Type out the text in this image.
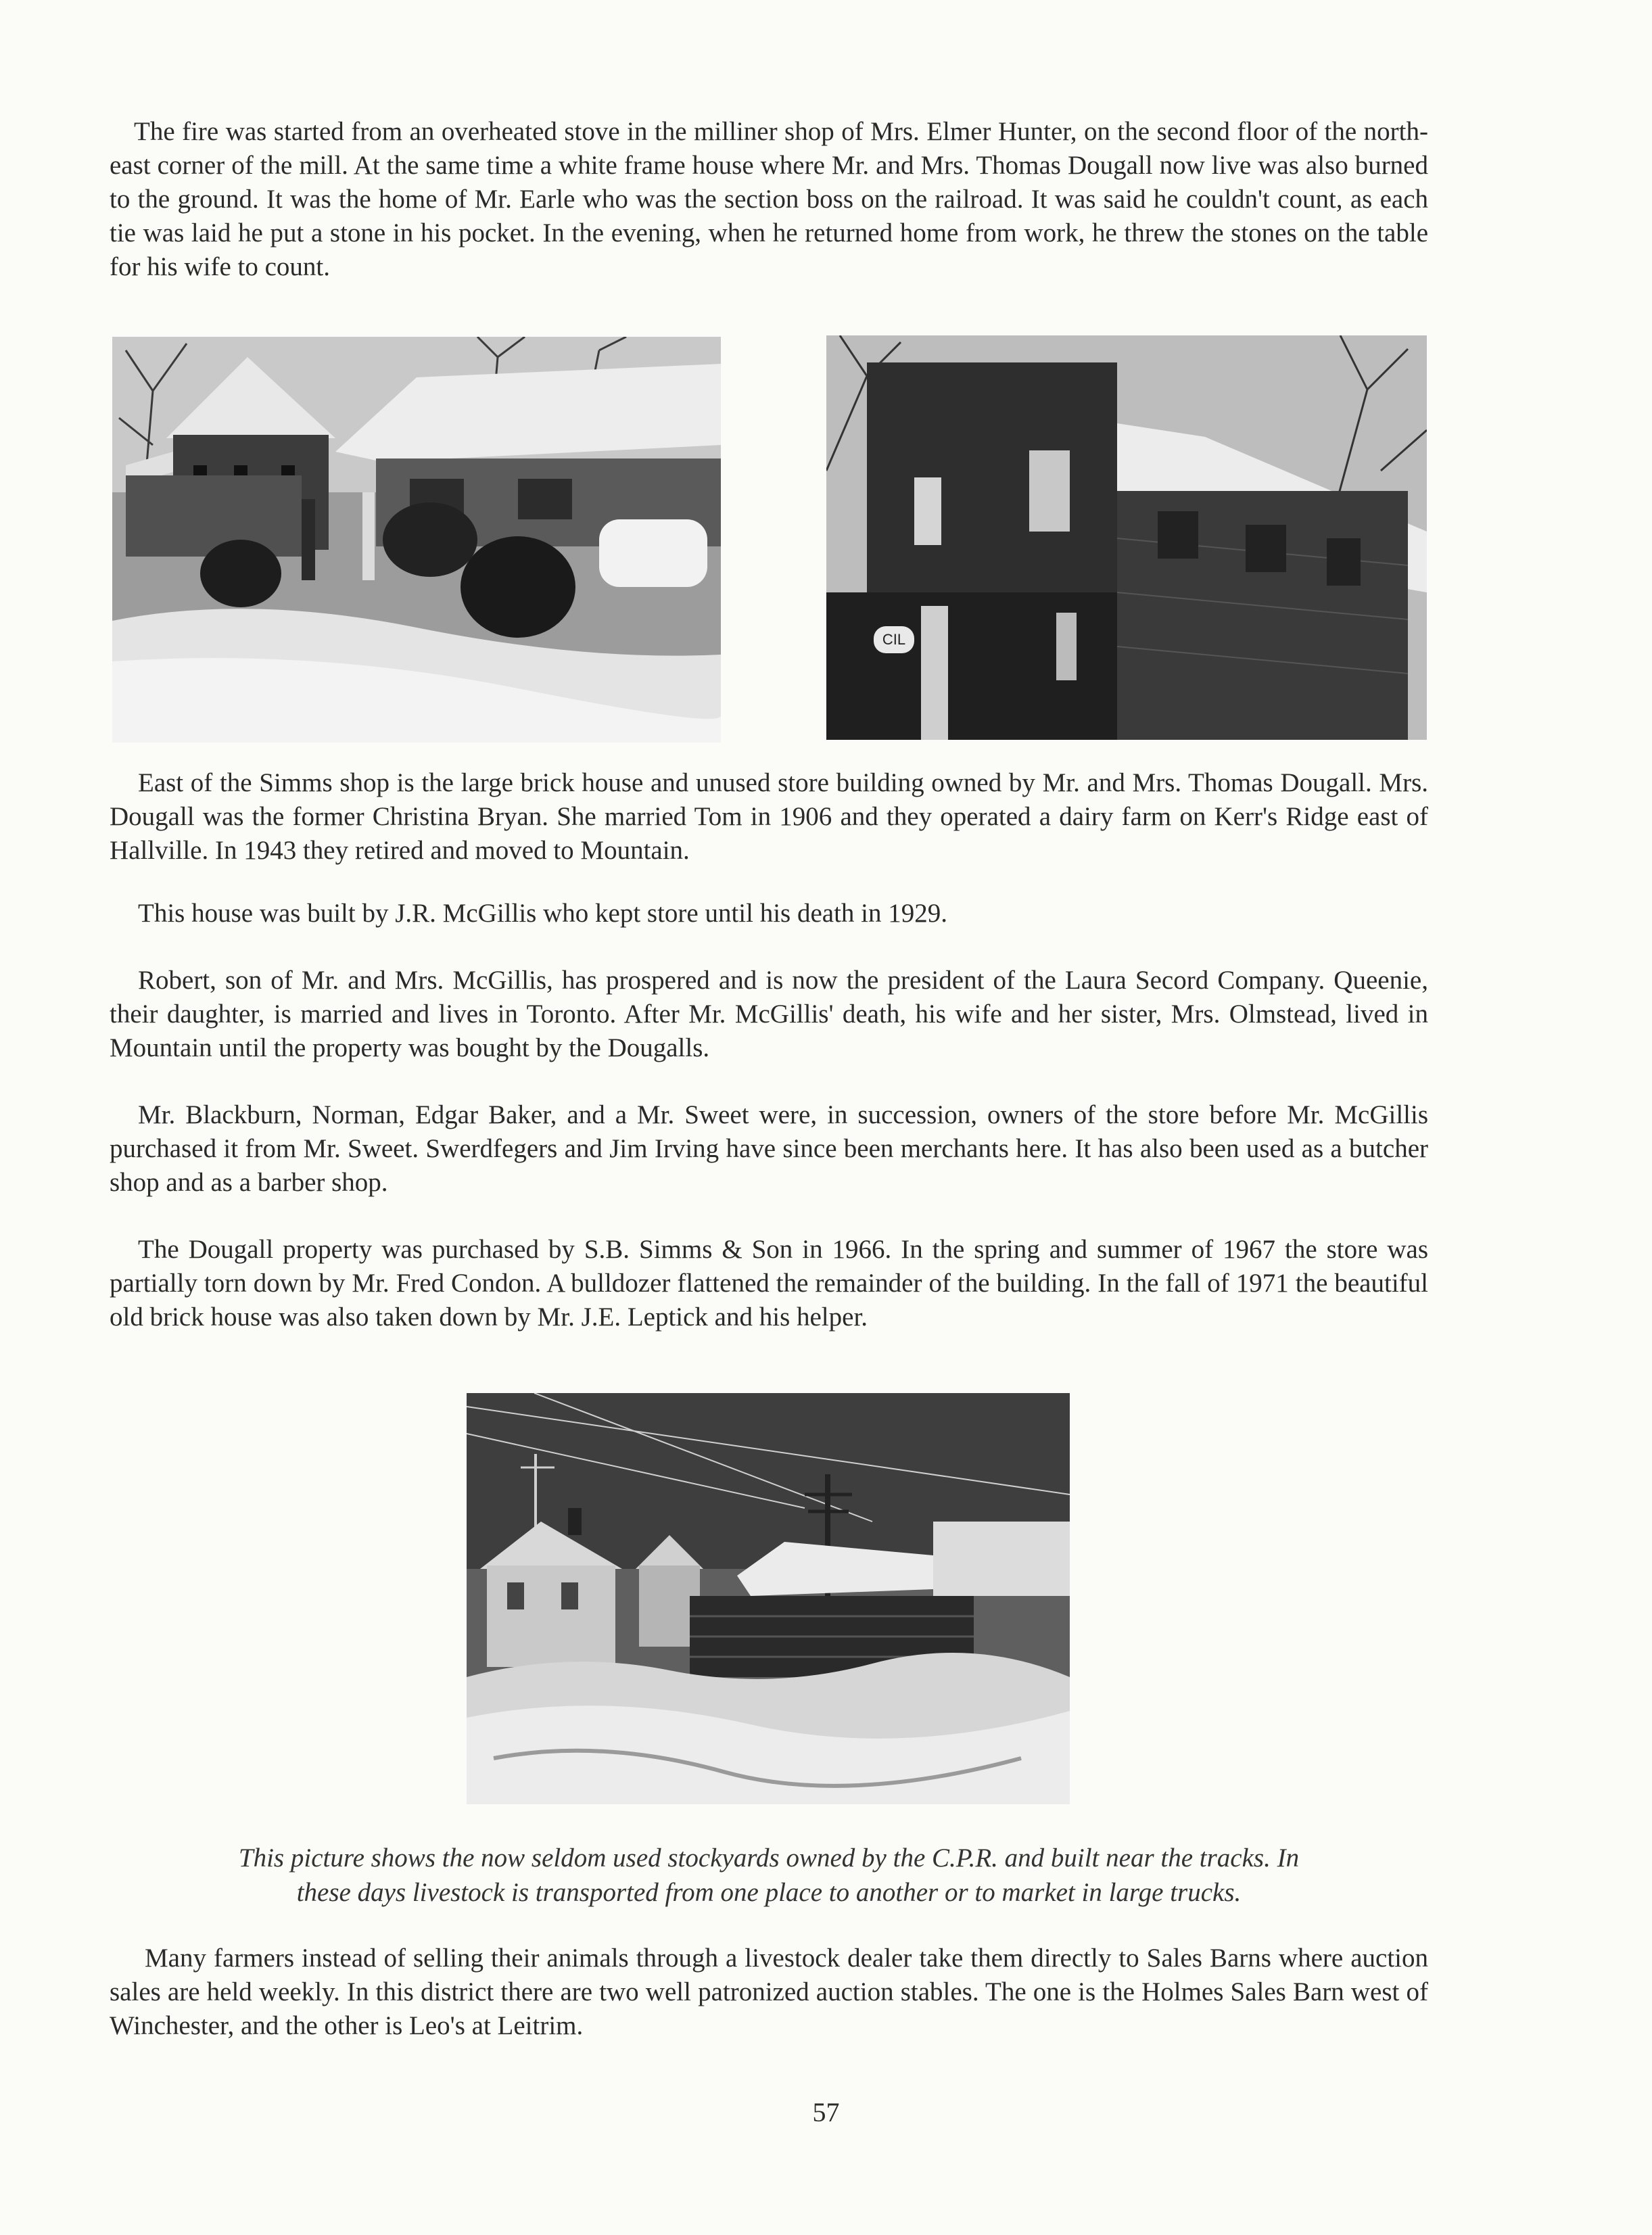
The fire was started from an overheated stove in the milliner shop of Mrs. Elmer Hunter, on the second floor of the north-east corner of the mill. At the same time a white frame house where Mr. and Mrs. Thomas Dougall now live was also burned to the ground. It was the home of Mr. Earle who was the section boss on the railroad. It was said he couldn't count, as each tie was laid he put a stone in his pocket. In the evening, when he returned home from work, he threw the stones on the table for his wife to count.

CIL

East of the Simms shop is the large brick house and unused store building owned by Mr. and Mrs. Thomas Dougall. Mrs. Dougall was the former Christina Bryan. She married Tom in 1906 and they operated a dairy farm on Kerr's Ridge east of Hallville. In 1943 they retired and moved to Mountain.

This house was built by J.R. McGillis who kept store until his death in 1929.

Robert, son of Mr. and Mrs. McGillis, has prospered and is now the president of the Laura Secord Company. Queenie, their daughter, is married and lives in Toronto. After Mr. McGillis' death, his wife and her sister, Mrs. Olmstead, lived in Mountain until the property was bought by the Dougalls.

Mr. Blackburn, Norman, Edgar Baker, and a Mr. Sweet were, in succession, owners of the store before Mr. McGillis purchased it from Mr. Sweet. Swerdfegers and Jim Irving have since been merchants here. It has also been used as a butcher shop and as a barber shop.

The Dougall property was purchased by S.B. Simms & Son in 1966. In the spring and summer of 1967 the store was partially torn down by Mr. Fred Condon. A bulldozer flattened the remainder of the building. In the fall of 1971 the beautiful old brick house was also taken down by Mr. J.E. Leptick and his helper.

This picture shows the now seldom used stockyards owned by the C.P.R. and built near the tracks. In
these days livestock is transported from one place to another or to market in large trucks.

Many farmers instead of selling their animals through a livestock dealer take them directly to Sales Barns where auction sales are held weekly. In this district there are two well patronized auction stables. The one is the Holmes Sales Barn west of Winchester, and the other is Leo's at Leitrim.

57
